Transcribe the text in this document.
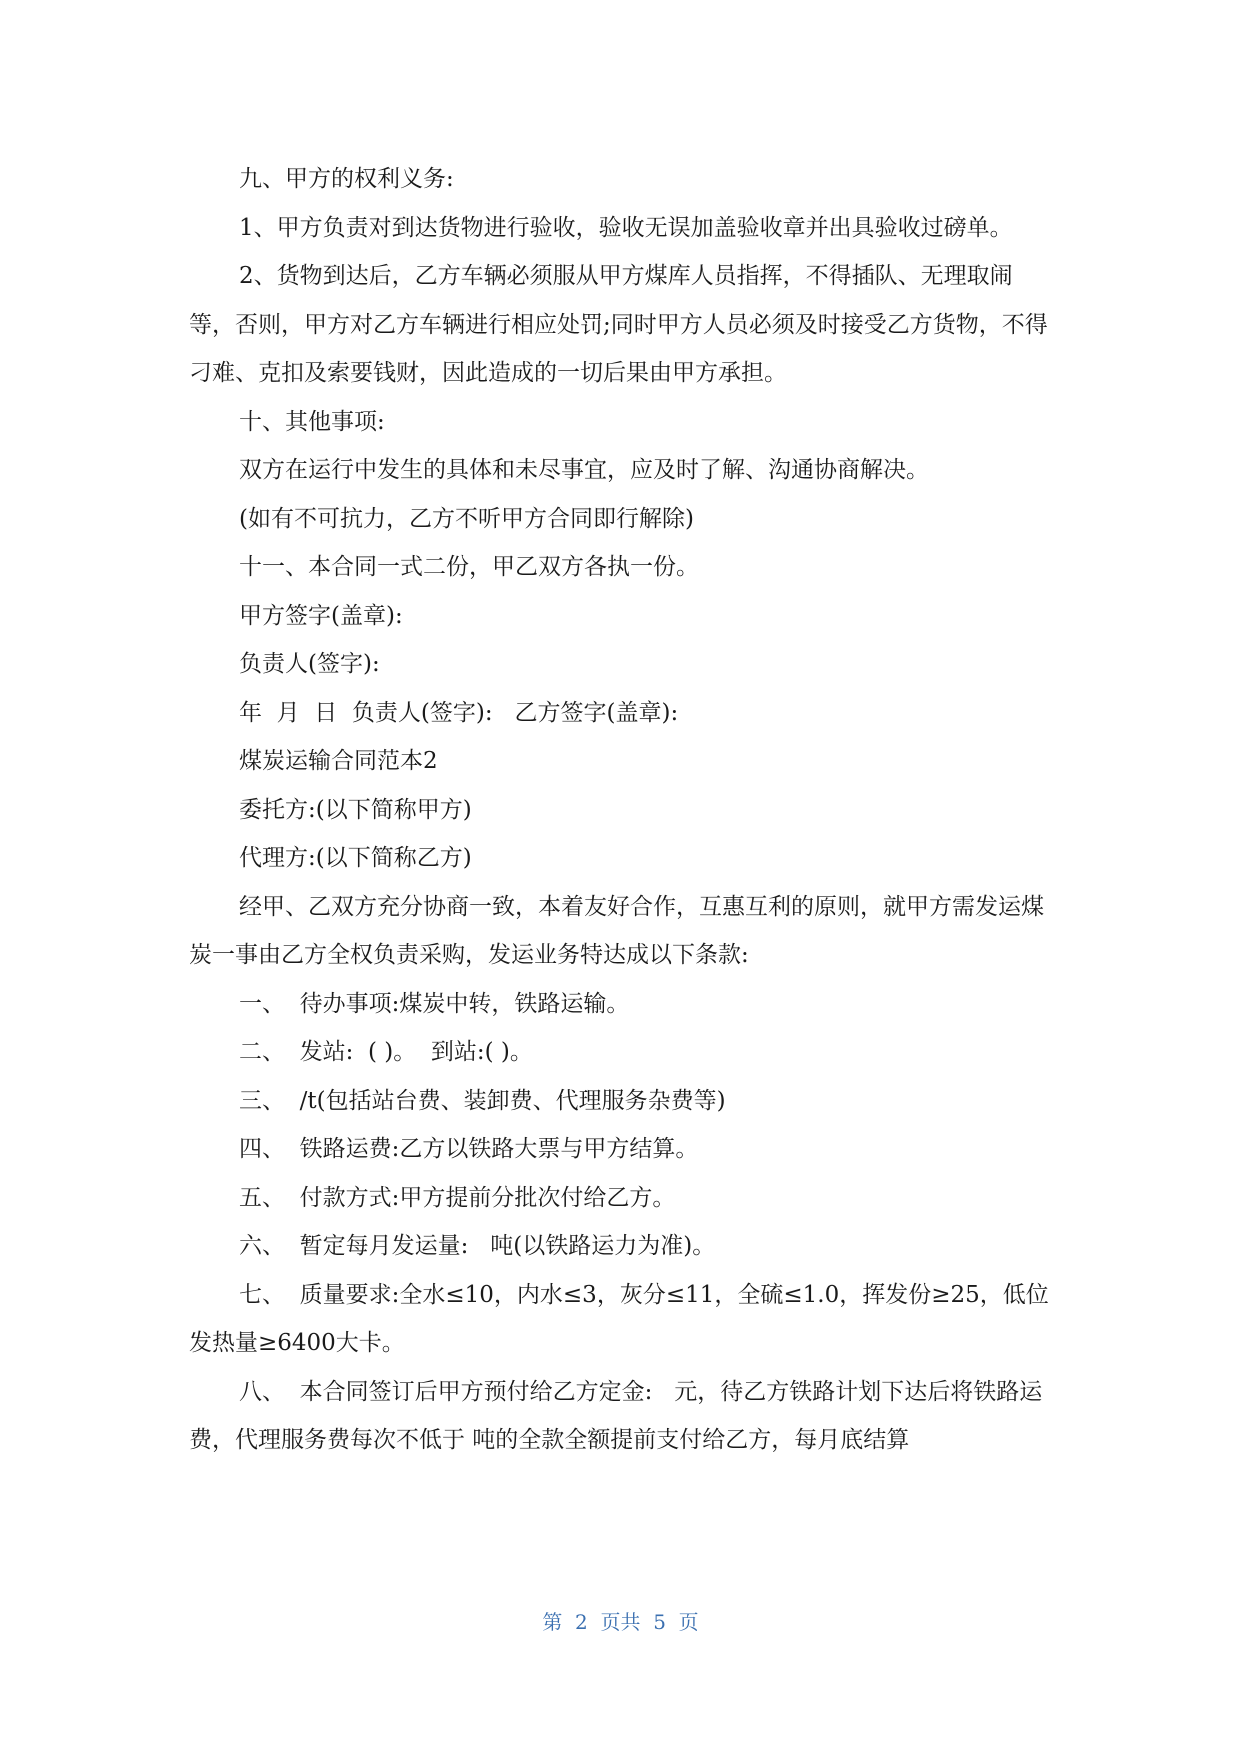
九、甲方的权利义务:

1、甲方负责对到达货物进行验收，验收无误加盖验收章并出具验收过磅单。

2、货物到达后，乙方车辆必须服从甲方煤库人员指挥，不得插队、无理取闹等，否则，甲方对乙方车辆进行相应处罚;同时甲方人员必须及时接受乙方货物，不得刁难、克扣及索要钱财，因此造成的一切后果由甲方承担。

十、其他事项:

双方在运行中发生的具体和未尽事宜，应及时了解、沟通协商解决。

(如有不可抗力，乙方不听甲方合同即行解除)

十一、本合同一式二份，甲乙双方各执一份。

甲方签字(盖章):

负责人(签字):

年  月  日  负责人(签字):   乙方签字(盖章):

煤炭运输合同范本2

委托方:(以下简称甲方)

代理方:(以下简称乙方)

经甲、乙双方充分协商一致，本着友好合作，互惠互利的原则，就甲方需发运煤炭一事由乙方全权负责采购，发运业务特达成以下条款:

一、  待办事项:煤炭中转，铁路运输。

二、  发站:  ( )。  到站:( )。

三、  /t(包括站台费、装卸费、代理服务杂费等)

四、  铁路运费:乙方以铁路大票与甲方结算。

五、  付款方式:甲方提前分批次付给乙方。

六、  暂定每月发运量:   吨(以铁路运力为准)。

七、  质量要求:全水≤10，内水≤3，灰分≤11，全硫≤1.0，挥发份≥25，低位发热量≥6400大卡。

八、  本合同签订后甲方预付给乙方定金:   元，待乙方铁路计划下达后将铁路运费，代理服务费每次不低于 吨的全款全额提前支付给乙方，每月底结算

第  2  页共  5  页
